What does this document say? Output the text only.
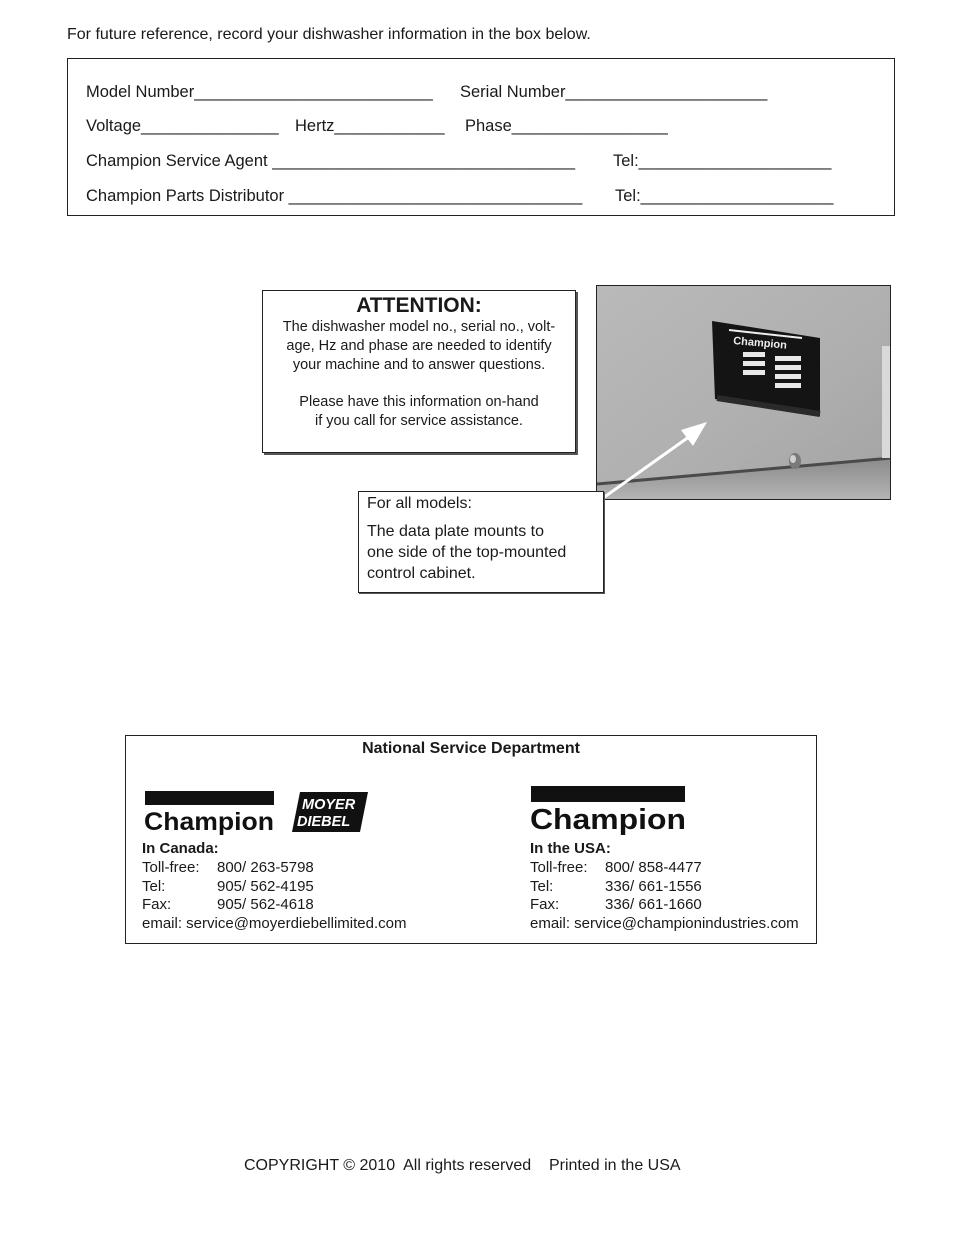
For future reference, record your dishwasher information in the box below.
Model Number__________________________ Serial Number______________________
Voltage_______________ Hertz____________ Phase_________________
Champion Service Agent _________________________________ Tel:_____________________
Champion Parts Distributor ________________________________ Tel:_____________________
ATTENTION:
The dishwasher model no., serial no., volt-
age, Hz and phase are needed to identify
your machine and to answer questions.
Please have this information on-hand
if you call for service assistance.
Champion
For all models:
The data plate mounts to
one side of the top-mounted
control cabinet.
National Service Department
Champion
MOYER
DIEBEL	Champion
In Canada:
Toll-free: 800/ 263-5798
Tel:	905/ 562-4195
Fax:	905/ 562-4618
email: service@moyerdiebellimited.com
In the USA:
Toll-free: 800/ 858-4477
Tel:	336/ 661-1556
Fax:	336/ 661-1660
email: service@championindustries.com
COPYRIGHT © 2010  All rights reserved    Printed in the USA
